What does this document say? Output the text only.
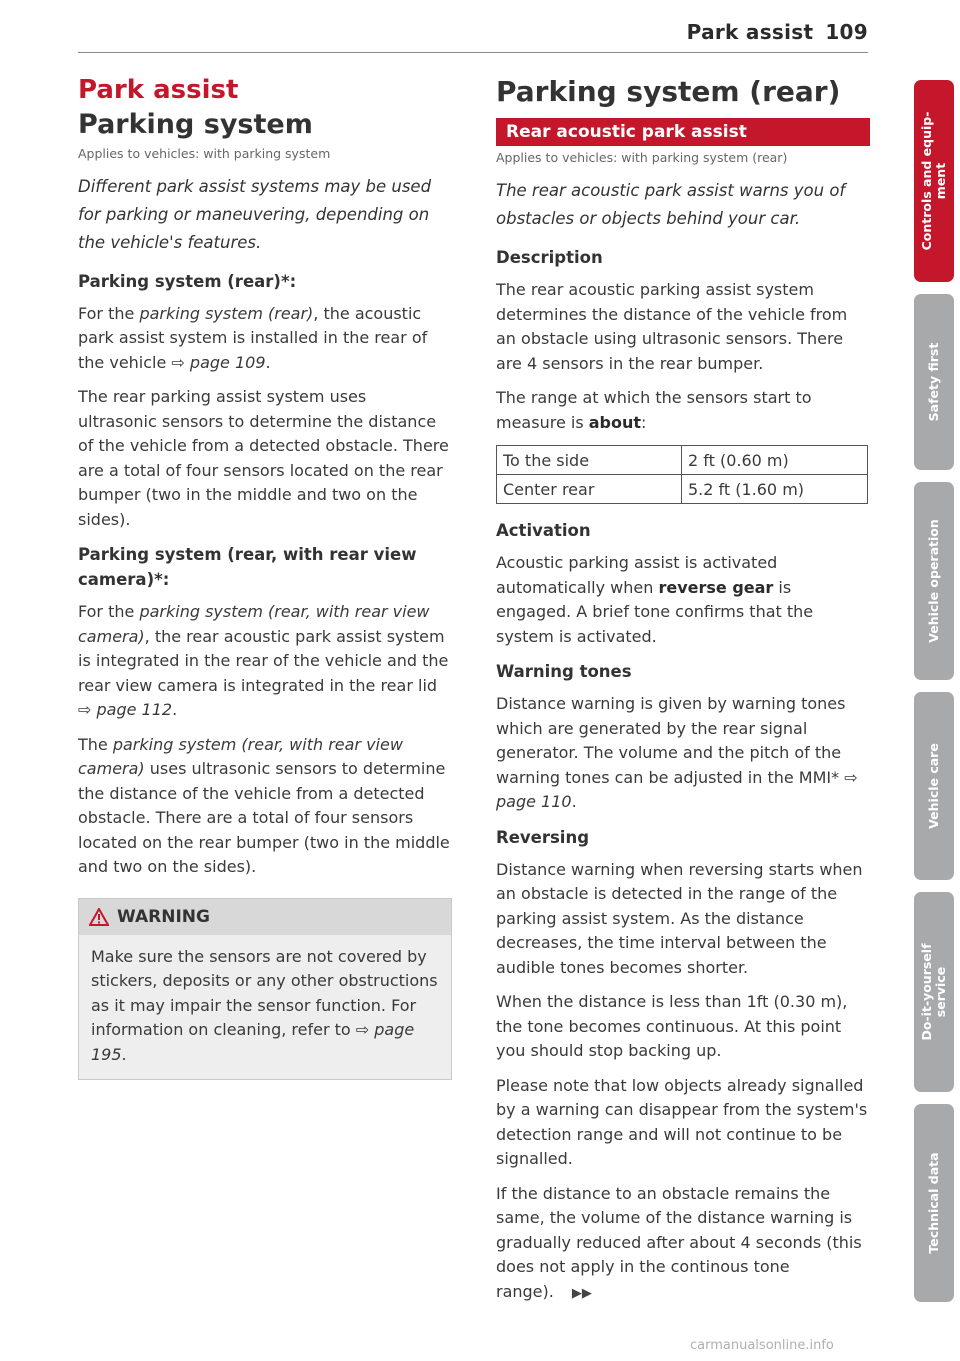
Park assist 109
Park assist
Parking system
Applies to vehicles: with parking system

Different park assist systems may be used for parking or maneuvering, depending on the vehicle's features.

Parking system (rear)*:

For the parking system (rear), the acoustic park assist system is installed in the rear of the vehicle ⇨ page 109.

The rear parking assist system uses ultrasonic sensors to determine the distance of the vehicle from a detected obstacle. There are a total of four sensors located on the rear bumper (two in the middle and two on the sides).

Parking system (rear, with rear view camera)*:

For the parking system (rear, with rear view camera), the rear acoustic park assist system is integrated in the rear of the vehicle and the rear view camera is integrated in the rear lid ⇨ page 112.

The parking system (rear, with rear view camera) uses ultrasonic sensors to determine the distance of the vehicle from a detected obstacle. There are a total of four sensors located on the rear bumper (two in the middle and two on the sides).

WARNING
Make sure the sensors are not covered by stickers, deposits or any other obstructions as it may impair the sensor function. For information on cleaning, refer to ⇨ page 195.
Parking system (rear)
Rear acoustic park assist
Applies to vehicles: with parking system (rear)

The rear acoustic park assist warns you of obstacles or objects behind your car.

Description

The rear acoustic parking assist system determines the distance of the vehicle from an obstacle using ultrasonic sensors. There are 4 sensors in the rear bumper.

The range at which the sensors start to measure is about:

To the side	2 ft (0.60 m)
Center rear	5.2 ft (1.60 m)
Activation

Acoustic parking assist is activated automatically when reverse gear is engaged. A brief tone confirms that the system is activated.

Warning tones

Distance warning is given by warning tones which are generated by the rear signal generator. The volume and the pitch of the warning tones can be adjusted in the MMI* ⇨ page 110.

Reversing

Distance warning when reversing starts when an obstacle is detected in the range of the parking assist system. As the distance decreases, the time interval between the audible tones becomes shorter.

When the distance is less than 1ft (0.30 m), the tone becomes continuous. At this point you should stop backing up.

Please note that low objects already signalled by a warning can disappear from the system's detection range and will not continue to be signalled.

If the distance to an obstacle remains the same, the volume of the distance warning is gradually reduced after about 4 seconds (this does not apply in the continous tone range). ▶▶

Controls and equip-
ment
Safety first
Vehicle operation
Vehicle care
Do-it-yourself
service
Technical data
carmanualsonline.info
